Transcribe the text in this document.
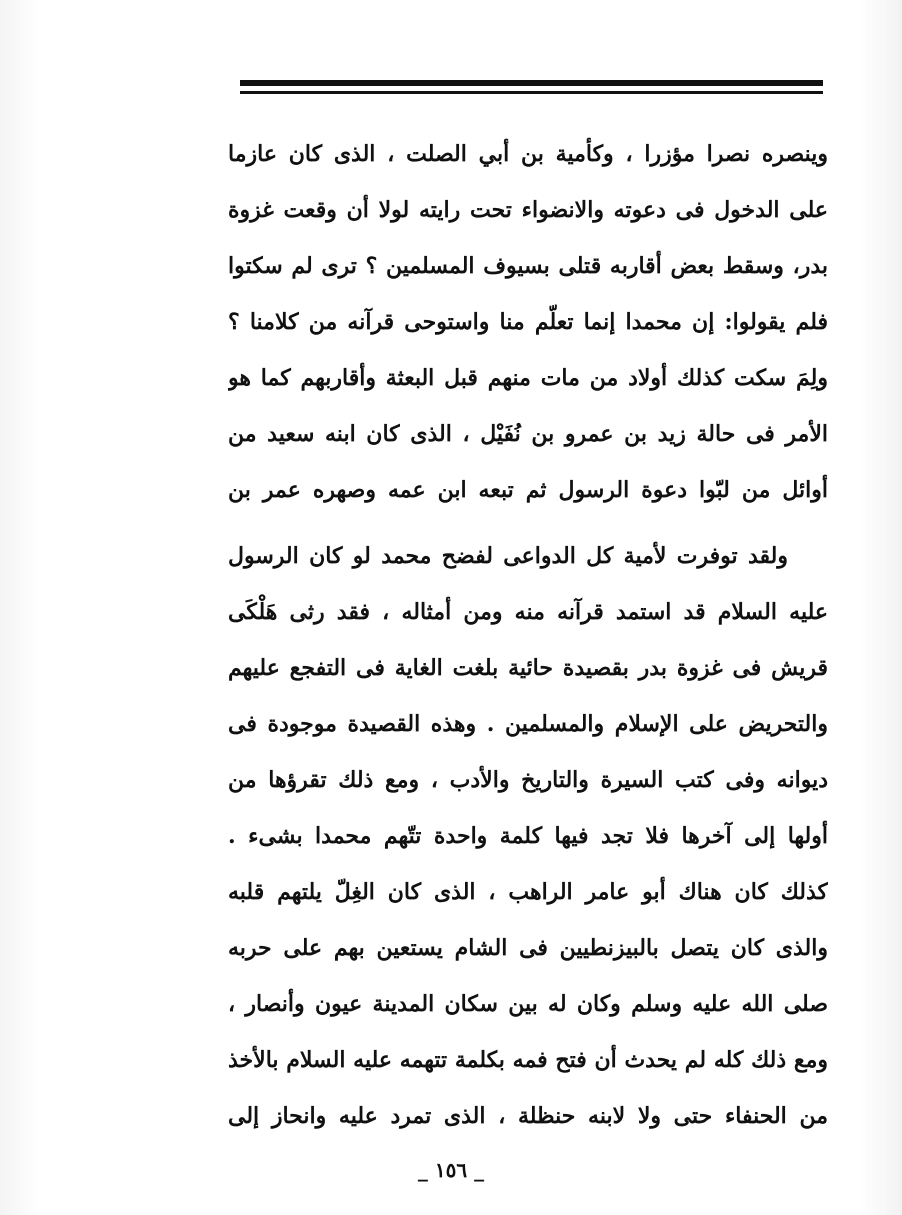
وينصره نصرا مؤزرا ، وكأمية بن أبي الصلت ، الذى كان عازما على الدخول فى دعوته والانضواء تحت رايته لولا أن وقعت غزوة بدر، وسقط بعض أقاربه قتلى بسيوف المسلمين ؟ ترى لم سكتوا فلم يقولوا: إن محمدا إنما تعلّم منا واستوحى قرآنه من كلامنا ؟ ولِمَ سكت كذلك أولاد من مات منهم قبل البعثة وأقاربهم كما هو الأمر فى حالة زيد بن عمرو بن نُفَيْل ، الذى كان ابنه سعيد من أوائل من لبّوا دعوة الرسول ثم تبعه ابن عمه وصهره عمر بن

ولقد توفرت لأمية كل الدواعى لفضح محمد لو كان الرسول عليه السلام قد استمد قرآنه منه ومن أمثاله ، فقد رثى هَلْكَى قريش فى غزوة بدر بقصيدة حائية بلغت الغاية فى التفجع عليهم والتحريض على الإسلام والمسلمين . وهذه القصيدة موجودة فى ديوانه وفى كتب السيرة والتاريخ والأدب ، ومع ذلك تقرؤها من أولها إلى آخرها فلا تجد فيها كلمة واحدة تتّهم محمدا بشىء . كذلك كان هناك أبو عامر الراهب ، الذى كان الغِلّ يلتهم قلبه والذى كان يتصل بالبيزنطيين فى الشام يستعين بهم على حربه صلى الله عليه وسلم وكان له بين سكان المدينة عيون وأنصار ، ومع ذلك كله لم يحدث أن فتح فمه بكلمة تتهمه عليه السلام بالأخذ من الحنفاء حتى ولا لابنه حنظلة ، الذى تمرد عليه وانحاز إلى

_ ١٥٦ _
